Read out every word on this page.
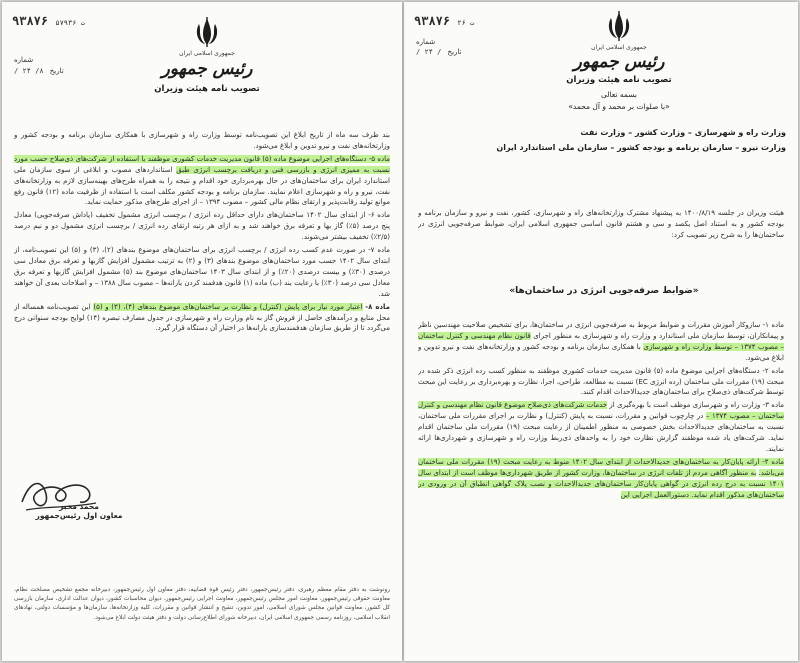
ت ۲۶ ۹۳۸۷۶
شماره
تاریخ / ۲۴ /
جمهوری اسلامی ایران
رئیس جمهور
تصویب نامه هیئت وزیران
بسمه تعالی
«با صلوات بر محمد و آل محمد»
وزارت راه و شهرسازی – وزارت کشور – وزارت نفت
وزارت نیرو – سازمان برنامه و بودجه کشور – سازمان ملی استاندارد ایران

هیئت وزیران در جلسه ۱۴۰۰/۸/۱۹ به پیشنهاد مشترک وزارتخانه‌های راه و شهرسازی، کشور، نفت و نیرو و سازمان برنامه و بودجه کشور و به استناد اصل یکصد و سی و هشتم قانون اساسی جمهوری اسلامی ایران، ضوابط صرفه‌جویی انرژی در ساختمان‌ها را به شرح زیر تصویب کرد:

«ضوابط صرفه‌جویی انرژی در ساختمان‌ها»

ماده ۱- سازوکار آموزش مقررات و ضوابط مربوط به صرفه‌جویی انرژی در ساختمان‌ها، برای تشخیص صلاحیت مهندسین ناظر و پیمانکاران، توسط سازمان ملی استاندارد و وزارت راه و شهرسازی به منظور اجرای قانون نظام مهندسی و کنترل ساختمان – مصوب ۱۳۷۴ – توسط وزارت راه و شهرسازی با همکاری سازمان برنامه و بودجه کشور و وزارتخانه‌های نفت و نیرو تدوین و ابلاغ می‌شود.

ماده ۲- دستگاه‌های اجرایی موضوع ماده (۵) قانون مدیریت خدمات کشوری موظفند به منظور کسب رده انرژی ذکر شده در مبحث (۱۹) مقررات ملی ساختمان (رده انرژی EC) نسبت به مطالعه، طراحی، اجرا، نظارت و بهره‌برداری بر رعایت این مبحث توسط شرکت‌های ذی‌صلاح برای ساختمان‌های جدیدالاحداث اقدام کنند.

ماده ۳- وزارت راه و شهرسازی موظف است با بهره‌گیری از خدمات شرکت‌های ذی‌صلاح موضوع قانون نظام مهندسی و کنترل ساختمان – مصوب ۱۳۷۴ – در چارچوب قوانین و مقررات، نسبت به پایش (کنترل) و نظارت بر اجرای مقررات ملی ساختمان، نسبت به ساختمان‌های جدیدالاحداث بخش خصوصی به منظور اطمینان از رعایت مبحث (۱۹) مقررات ملی ساختمان اقدام نماید. شرکت‌های یاد شده موظفند گزارش نظارت خود را به واحدهای ذی‌ربط وزارت راه و شهرسازی و شهرداری‌ها ارائه نمایند.

ماده ۴- ارائه پایان‌کار به ساختمان‌های جدیدالاحداث از ابتدای سال ۱۴۰۲ منوط به رعایت مبحث (۱۹) مقررات ملی ساختمان می‌باشد. به منظور آگاهی مردم از تلفات انرژی در ساختمان‌ها، وزارت کشور از طریق شهرداری‌ها موظف است از ابتدای سال ۱۴۰۱ نسبت به درج رده انرژی در گواهی پایان‌کار ساختمان‌های جدیدالاحداث و نصب پلاک گواهی انطباق آن در ورودی در ساختمان‌های مذکور اقدام نماید. دستورالعمل اجرایی این

ت ۵۷۹۳۶ ۹۳۸۷۶
شماره
تاریخ ۸/ ۲۴ /
جمهوری اسلامی ایران
رئیس جمهور
تصویب نامه هیئت وزیران

بند ظرف سه ماه از تاریخ ابلاغ این تصویب‌نامه توسط وزارت راه و شهرسازی با همکاری سازمان برنامه و بودجه کشور و وزارتخانه‌های نفت و نیرو تدوین و ابلاغ می‌شود.

ماده ۵- دستگاه‌های اجرایی موضوع ماده (۵) قانون مدیریت خدمات کشوری موظفند با استفاده از شرکت‌های ذی‌صلاح حسب مورد نسبت به ممیزی انرژی و بازرسی فنی و دریافت برچسب انرژی طبق استانداردهای مصوب و ابلاغی از سوی سازمان ملی استاندارد ایران برای ساختمان‌های در حال بهره‌برداری خود اقدام و نتیجه را به همراه طرح‌های بهینه‌سازی لازم به وزارتخانه‌های نفت، نیرو و راه و شهرسازی اعلام نمایند. سازمان برنامه و بودجه کشور مکلف است با استفاده از ظرفیت ماده (۱۲) قانون رفع موانع تولید رقابت‌پذیر و ارتقای نظام مالی کشور – مصوب ۱۳۹۴ – از اجرای طرح‌های مذکور حمایت نماید.

ماده ۶- از ابتدای سال ۱۴۰۲ ساختمان‌های دارای حداقل رده انرژی / برچسب انرژی مشمول تخفیف (پاداش صرفه‌جویی) معادل پنج درصد (۵٪) گاز بها و تعرفه برق خواهند شد و به ازای هر رتبه ارتقای رده انرژی / برچسب انرژی مشمول دو و نیم درصد (۲/۵٪) تخفیف بیشتر می‌شوند.

ماده ۷- در صورت عدم کسب رده انرژی / برچسب انرژی برای ساختمان‌های موضوع بندهای (۲)، (۳) و (۵) این تصویب‌نامه، از ابتدای سال ۱۴۰۲ حسب مورد ساختمان‌های موضوع بندهای (۳) و (۲) به ترتیب مشمول افزایش گازبها و تعرفه برق معادل سی درصدی (۳۰٪) و بیست درصدی (۲۰٪) و از ابتدای سال ۱۴۰۳ ساختمان‌های موضوع بند (۵) مشمول افزایش گازبها و تعرفه برق معادل سی درصد (۳۰٪) با رعایت بند (ب) ماده (۱) قانون هدفمند کردن یارانه‌ها – مصوب سال ۱۳۸۸ – و اصلاحات بعدی آن خواهند شد.

ماده ۸- اعتبار مورد نیاز برای پایش (کنترل) و نظارت بر ساختمان‌های موضوع بندهای (۴)، (۳) و (۵) این تصویب‌نامه همساله از محل منابع و درآمدهای حاصل از فروش گاز به نام وزارت راه و شهرسازی در جدول مصارف تبصره (۱۴) لوایح بودجه سنواتی درج می‌گردد تا از طریق سازمان هدفمندسازی یارانه‌ها در اختیار آن دستگاه قرار گیرد.

محمد مخبر
معاون اول رئیس‌جمهور
رونوشت به دفتر مقام معظم رهبری، دفتر رئیس‌جمهور، دفتر رئیس قوه قضاییه، دفتر معاون اول رئیس‌جمهور، دبیرخانه مجمع تشخیص مصلحت نظام، معاونت حقوقی رئیس‌جمهور، معاونت امور مجلس رئیس‌جمهور، معاونت اجرایی رئیس‌جمهور، دیوان محاسبات کشور، دیوان عدالت اداری، سازمان بازرسی کل کشور، معاونت قوانین مجلس شورای اسلامی، امور تدوین، تنقیح و انتشار قوانین و مقررات، کلیه وزارتخانه‌ها، سازمان‌ها و مؤسسات دولتی، نهادهای انقلاب اسلامی، روزنامه رسمی جمهوری اسلامی ایران، دبیرخانه شورای اطلاع‌رسانی دولت و دفتر هیئت دولت ابلاغ می‌شود.
